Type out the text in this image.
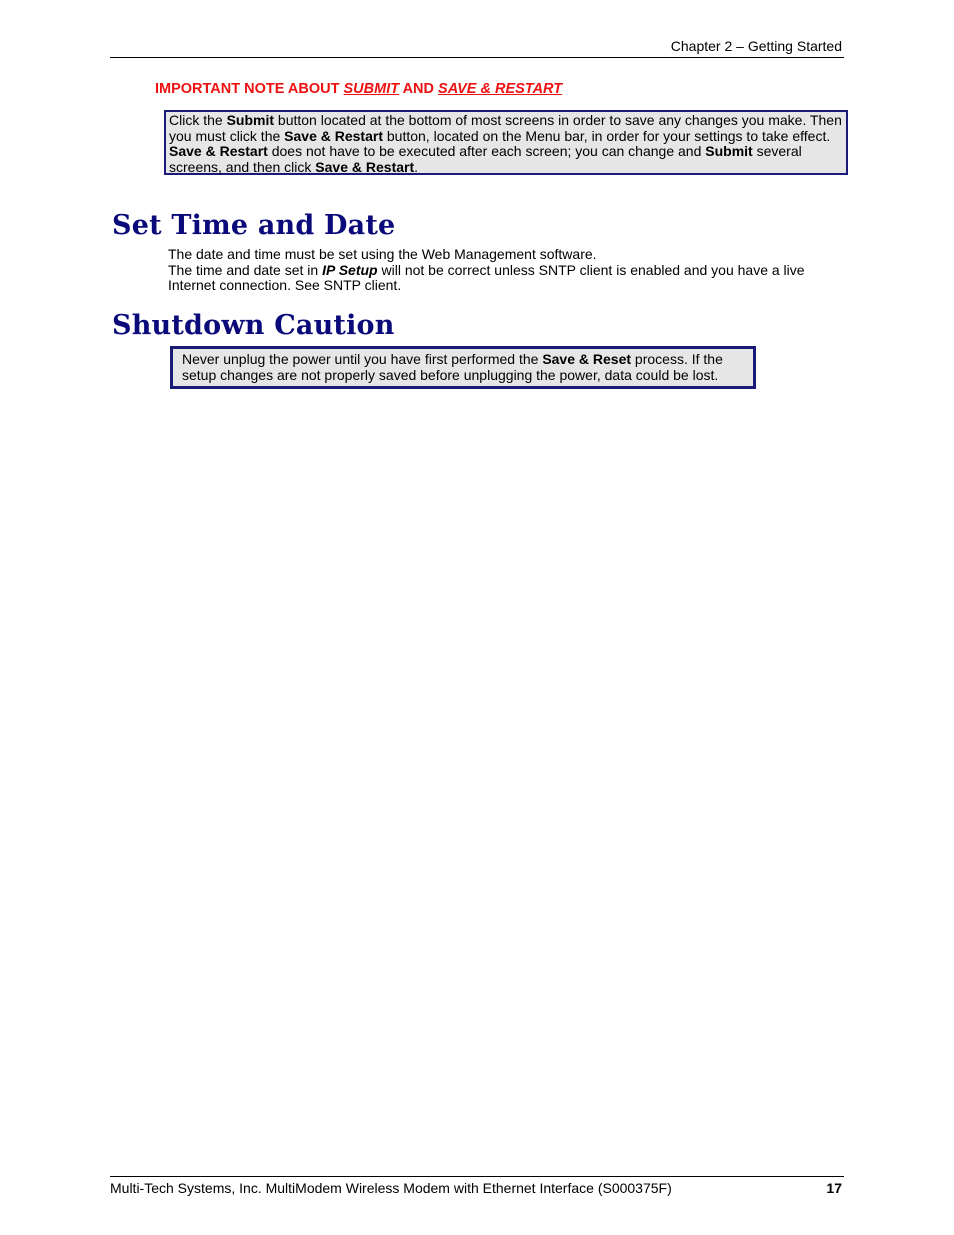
Chapter 2 – Getting Started
IMPORTANT NOTE ABOUT SUBMIT AND SAVE & RESTART
Click the Submit button located at the bottom of most screens in order to save any changes you make. Then you must click the Save & Restart button, located on the Menu bar, in order for your settings to take effect. Save & Restart does not have to be executed after each screen; you can change and Submit several screens, and then click Save & Restart.
Set Time and Date
The date and time must be set using the Web Management software.
The time and date set in IP Setup will not be correct unless SNTP client is enabled and you have a live Internet connection. See SNTP client.
Shutdown Caution
Never unplug the power until you have first performed the Save & Reset process. If the setup changes are not properly saved before unplugging the power, data could be lost.
Multi-Tech Systems, Inc. MultiModem Wireless Modem with Ethernet Interface (S000375F)	17
